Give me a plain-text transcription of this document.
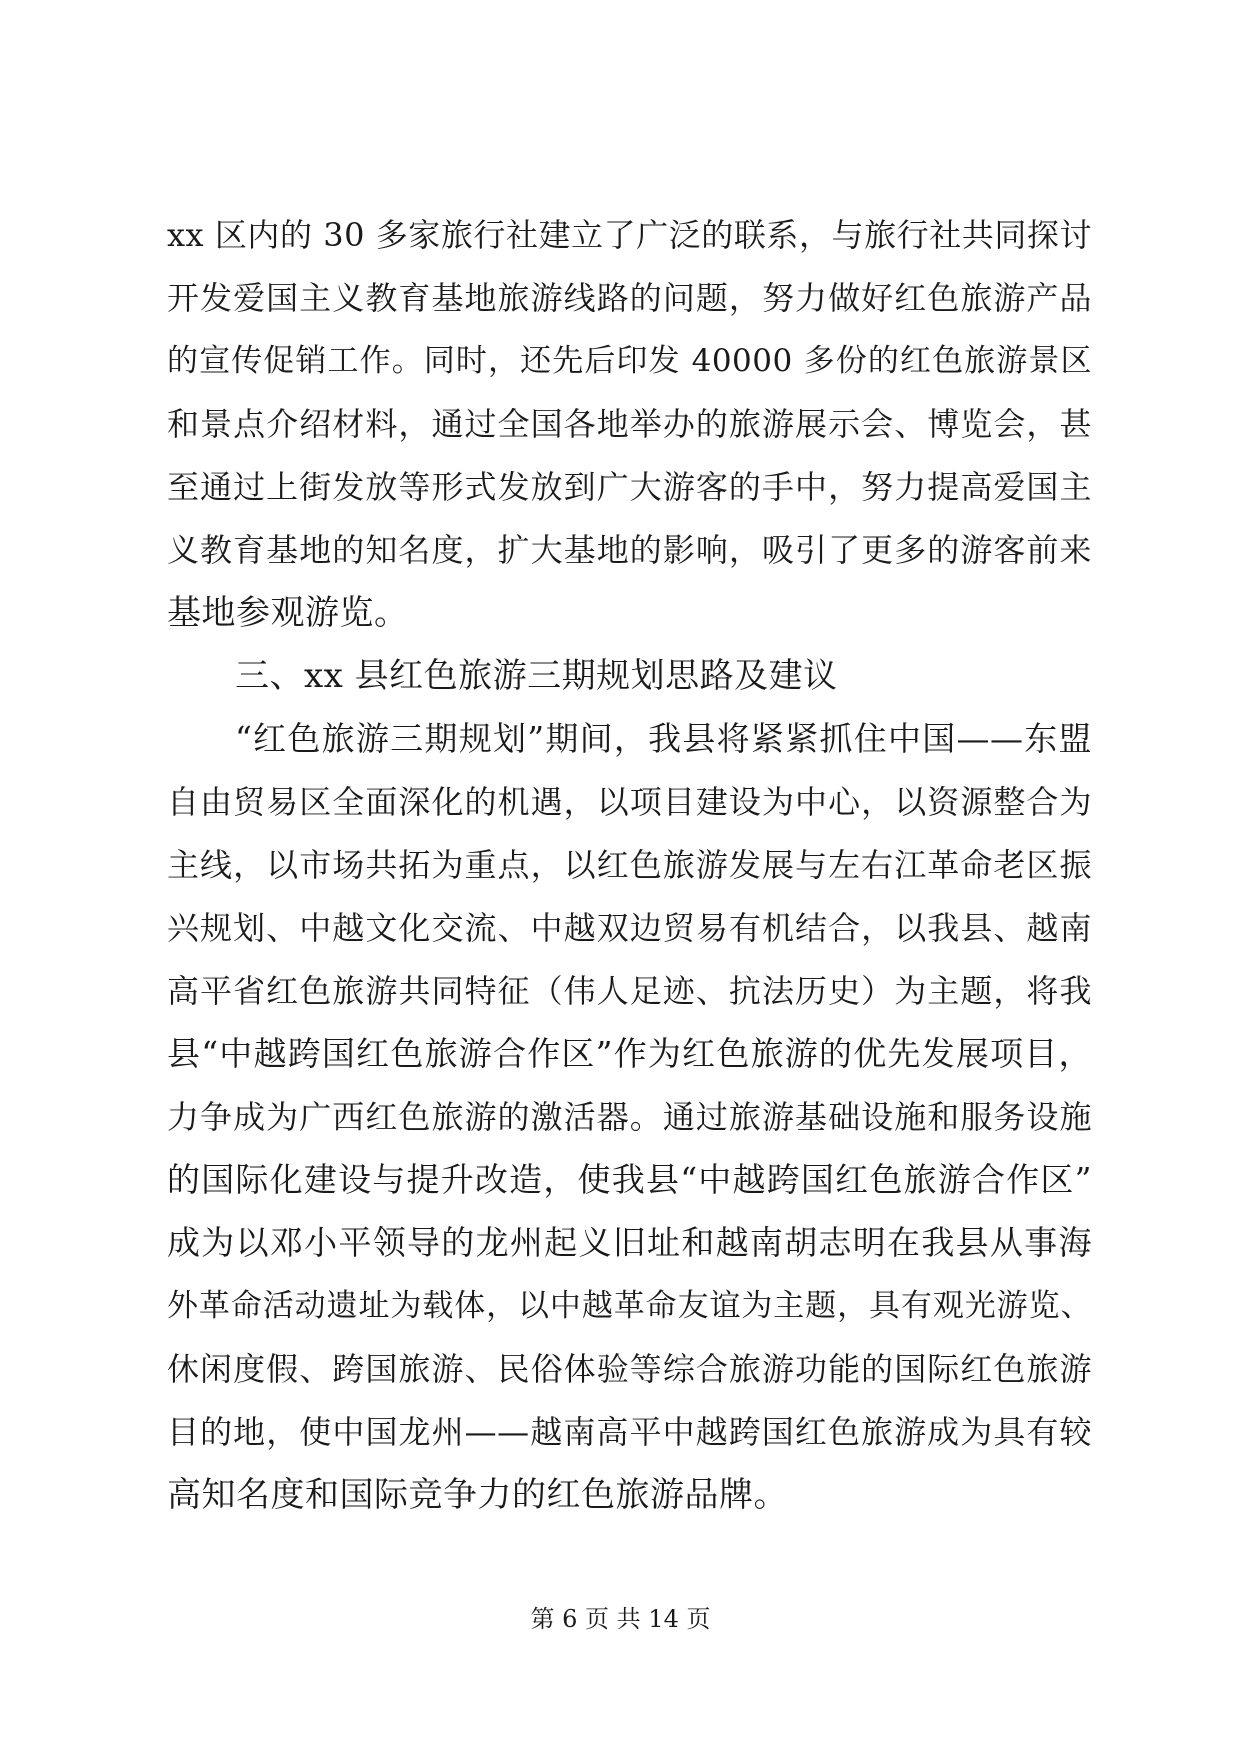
xx 区内的 30 多家旅行社建立了广泛的联系，与旅行社共同探讨
开发爱国主义教育基地旅游线路的问题，努力做好红色旅游产品
的宣传促销工作。同时，还先后印发 40000 多份的红色旅游景区
和景点介绍材料，通过全国各地举办的旅游展示会、博览会，甚
至通过上街发放等形式发放到广大游客的手中，努力提高爱国主
义教育基地的知名度，扩大基地的影响，吸引了更多的游客前来
基地参观游览。
三、xx 县红色旅游三期规划思路及建议
“红色旅游三期规划”期间，我县将紧紧抓住中国——东盟
自由贸易区全面深化的机遇，以项目建设为中心，以资源整合为
主线，以市场共拓为重点，以红色旅游发展与左右江革命老区振
兴规划、中越文化交流、中越双边贸易有机结合，以我县、越南
高平省红色旅游共同特征（伟人足迹、抗法历史）为主题，将我
县“中越跨国红色旅游合作区”作为红色旅游的优先发展项目，
力争成为广西红色旅游的激活器。通过旅游基础设施和服务设施
的国际化建设与提升改造，使我县“中越跨国红色旅游合作区”
成为以邓小平领导的龙州起义旧址和越南胡志明在我县从事海
外革命活动遗址为载体，以中越革命友谊为主题，具有观光游览、
休闲度假、跨国旅游、民俗体验等综合旅游功能的国际红色旅游
目的地，使中国龙州——越南高平中越跨国红色旅游成为具有较
高知名度和国际竞争力的红色旅游品牌。
第 6 页 共 14 页
